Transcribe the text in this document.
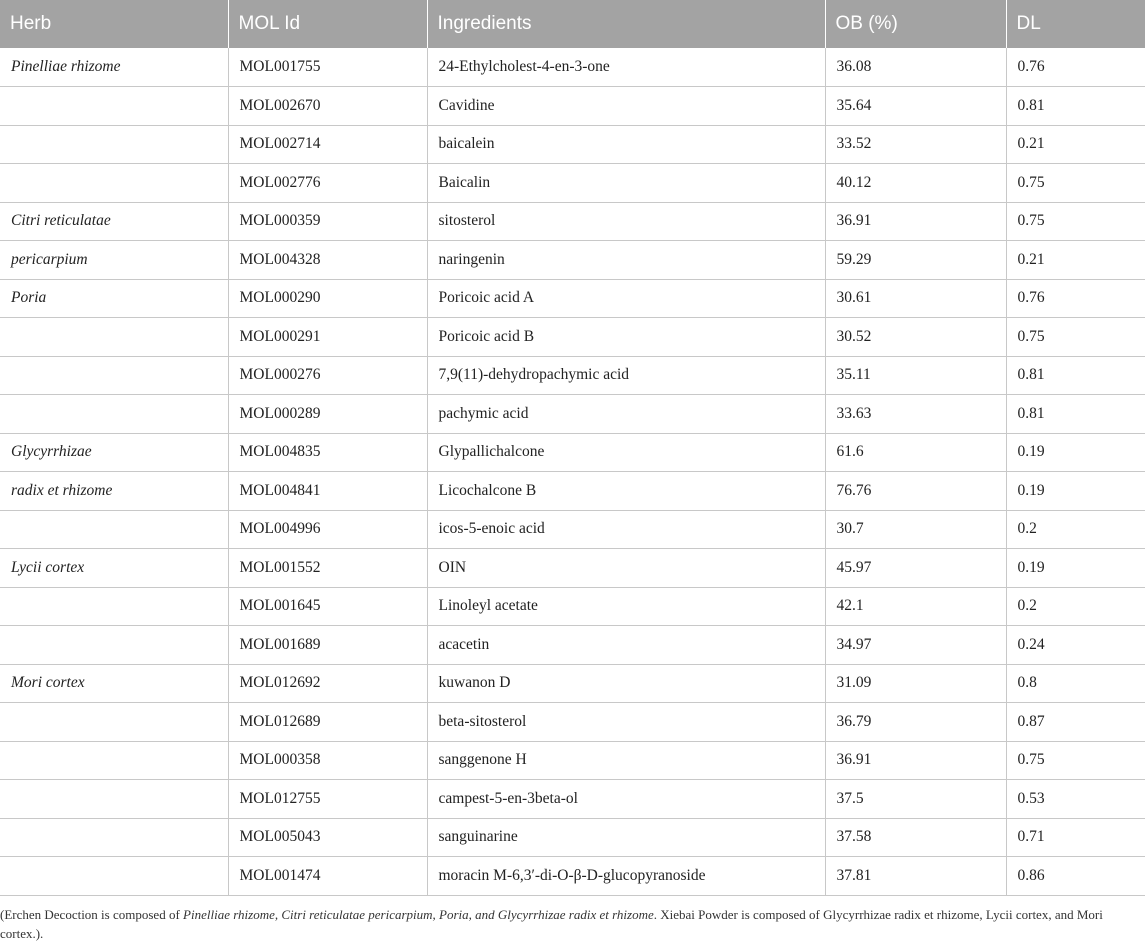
Herb	MOL Id	Ingredients	OB (%)	DL
Pinelliae rhizome	MOL001755	24-Ethylcholest-4-en-3-one	36.08	0.76
	MOL002670	Cavidine	35.64	0.81
	MOL002714	baicalein	33.52	0.21
	MOL002776	Baicalin	40.12	0.75
Citri reticulatae	MOL000359	sitosterol	36.91	0.75
pericarpium	MOL004328	naringenin	59.29	0.21
Poria	MOL000290	Poricoic acid A	30.61	0.76
	MOL000291	Poricoic acid B	30.52	0.75
	MOL000276	7,9(11)-dehydropachymic acid	35.11	0.81
	MOL000289	pachymic acid	33.63	0.81
Glycyrrhizae	MOL004835	Glypallichalcone	61.6	0.19
radix et rhizome	MOL004841	Licochalcone B	76.76	0.19
	MOL004996	icos-5-enoic acid	30.7	0.2
Lycii cortex	MOL001552	OIN	45.97	0.19
	MOL001645	Linoleyl acetate	42.1	0.2
	MOL001689	acacetin	34.97	0.24
Mori cortex	MOL012692	kuwanon D	31.09	0.8
	MOL012689	beta-sitosterol	36.79	0.87
	MOL000358	sanggenone H	36.91	0.75
	MOL012755	campest-5-en-3beta-ol	37.5	0.53
	MOL005043	sanguinarine	37.58	0.71
	MOL001474	moracin M-6,3′-di-O-β-D-glucopyranoside	37.81	0.86
(Erchen Decoction is composed of Pinelliae rhizome, Citri reticulatae pericarpium, Poria, and Glycyrrhizae radix et rhizome. Xiebai Powder is composed of Glycyrrhizae radix et rhizome, Lycii cortex, and Mori cortex.).
